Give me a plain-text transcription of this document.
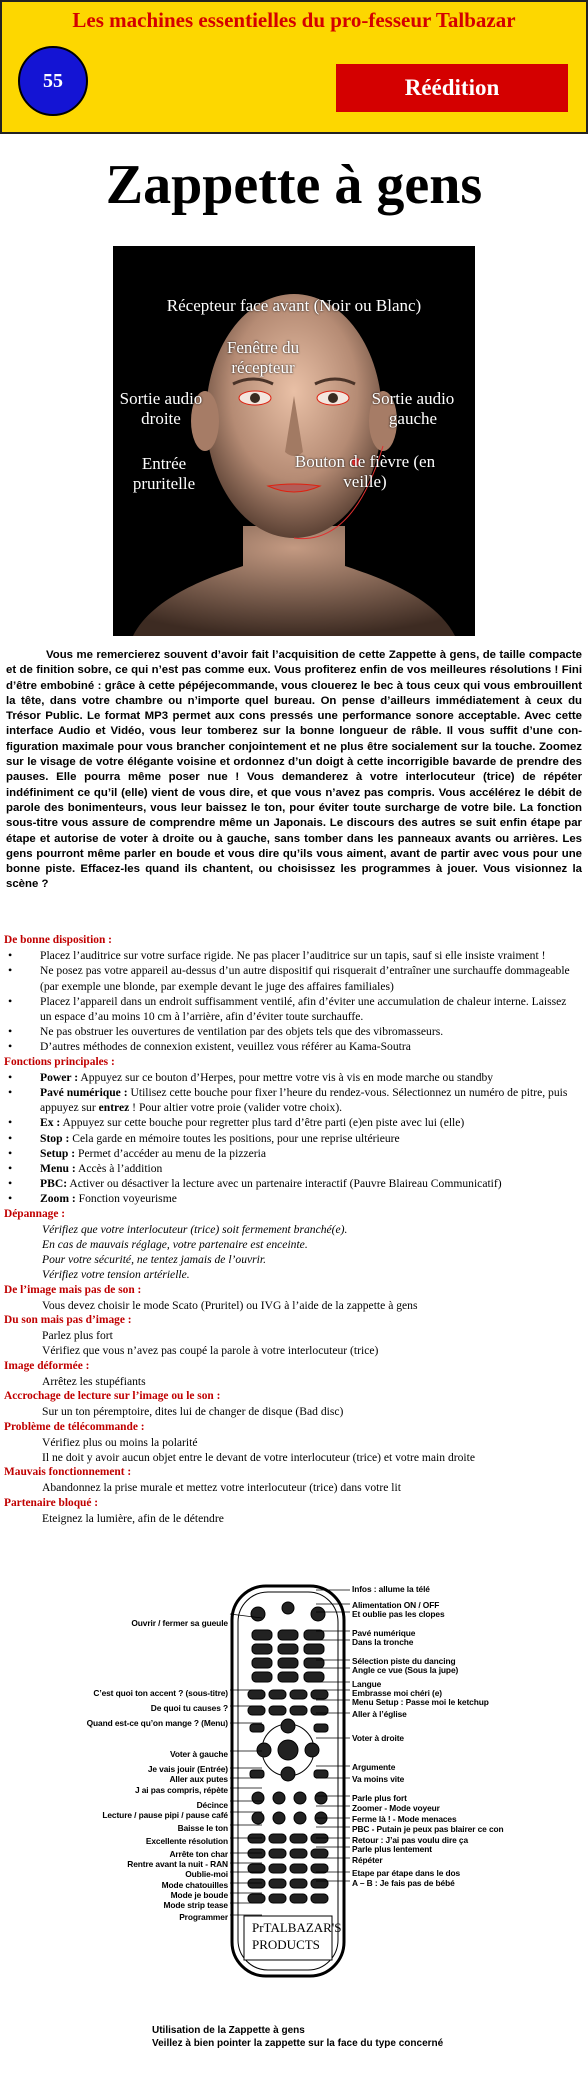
Les machines essentielles du pro-fesseur Talbazar
55	Réédition
Zappette à gens
Récepteur face avant (Noir ou Blanc)
Fenêtre du récepteur
Sortie audio droite
Sortie audio gauche
Entrée pruritelle
Bouton de fièvre (en veille)

Vous me remercierez souvent d’avoir fait l’acquisition de cette Zappette à gens, de taille compacte et de finition sobre, ce qui n’est pas comme eux. Vous profiterez enfin de vos meilleures résolutions ! Fini d’être embobiné : grâce à cette pépéjecommande, vous clouerez le bec à tous ceux qui vous embrouillent la tête, dans votre chambre ou n’importe quel bureau. On pense d’ailleurs immédiatement à ceux du Trésor Public. Le format MP3 permet aux cons pressés une performance sonore acceptable. Avec cette interface Audio et Vidéo, vous leur tomberez sur la bonne longueur de râble. Il vous suffit d’une con-figuration maximale pour vous brancher conjointement et ne plus être socialement sur la touche. Zoomez sur le visage de votre élégante voisine et ordonnez d’un doigt à cette incorrigible bavarde de prendre des pauses. Elle pourra même poser nue ! Vous demanderez à votre interlocuteur (trice) de répéter indéfiniment ce qu’il (elle) vient de vous dire, et que vous n’avez pas compris. Vous accélérez le débit de parole des bonimenteurs, vous leur baissez le ton, pour éviter toute surcharge de votre bile. La fonction sous-titre vous assure de comprendre même un Japonais. Le discours des autres se suit enfin étape par étape et autorise de voter à droite ou à gauche, sans tomber dans les panneaux avants ou arrières. Les gens pourront même parler en boude et vous dire qu’ils vous aiment, avant de partir avec vous pour une bonne piste. Effacez-les quand ils chantent, ou choisissez les programmes à jouer. Vous visionnez la scène ?

De bonne disposition :
• Placez l’auditrice sur votre surface rigide. Ne pas placer l’auditrice sur un tapis, sauf si elle insiste vraiment !
• Ne posez pas votre appareil au-dessus d’un autre dispositif qui risquerait d’entraîner une surchauffe dommageable (par exemple une blonde, par exemple devant le juge des affaires familiales)
• Placez l’appareil dans un endroit suffisamment ventilé, afin d’éviter une accumulation de chaleur interne. Laissez un espace d’au moins 10 cm à l’arrière, afin d’éviter toute surchauffe.
• Ne pas obstruer les ouvertures de ventilation par des objets tels que des vibromasseurs.
• D’autres méthodes de connexion existent, veuillez vous référer au Kama-Soutra
Fonctions principales :
• Power : Appuyez sur ce bouton d’Herpes, pour mettre votre vis à vis en mode marche ou standby
• Pavé numérique : Utilisez cette bouche pour fixer l’heure du rendez-vous. Sélectionnez un numéro de pitre, puis appuyez sur entrez ! Pour altier votre proie (valider votre choix).
• Ex : Appuyez sur cette bouche pour regretter plus tard d’être parti (e)en piste avec lui (elle)
• Stop : Cela garde en mémoire toutes les positions, pour une reprise ultérieure
• Setup : Permet d’accéder au menu de la pizzeria
• Menu : Accès à l’addition
• PBC: Activer ou désactiver la lecture avec un partenaire interactif (Pauvre Blaireau Communicatif)
• Zoom : Fonction voyeurisme
Dépannage :
Vérifiez que votre interlocuteur (trice) soit fermement branché(e).
En cas de mauvais réglage, votre partenaire est enceinte.
Pour votre sécurité, ne tentez jamais de l’ouvrir.
Vérifiez votre tension artérielle.
De l’image mais pas de son :
Vous devez choisir le mode Scato (Pruritel) ou IVG à l’aide de la zappette à gens
Du son mais pas d’image :
Parlez plus fort
Vérifiez que vous n’avez pas coupé la parole à votre interlocuteur (trice)
Image déformée :
Arrêtez les stupéfiants
Accrochage de lecture sur l’image ou le son :
Sur un ton péremptoire, dites lui de changer de disque (Bad disc)
Problème de télécommande :
Vérifiez plus ou moins la polarité
Il ne doit y avoir aucun objet entre le devant de votre interlocuteur (trice) et votre main droite
Mauvais fonctionnement :
Abandonnez la prise murale et mettez votre interlocuteur (trice) dans votre lit
Partenaire bloqué :
Eteignez la lumière, afin de le détendre
PrTALBAZAR'S
PRODUCTS
Ouvrir / fermer sa gueule
C’est quoi ton accent ? (sous-titre)
De quoi tu causes ?
Quand est-ce qu’on mange ? (Menu)
Voter à gauche
Je vais jouir (Entrée)
Aller aux putes
J ai pas compris, répète
Décince
Lecture / pause pipi / pause café
Baisse le ton
Excellente résolution
Arrête ton char
Rentre avant la nuit - RAN
Oublie-moi
Mode chatouilles
Mode je boude
Mode strip tease
Programmer
Infos : allume la télé
Alimentation ON / OFF
Et oublie pas les clopes
Pavé numérique
Dans la tronche
Sélection piste du dancing
Angle ce vue (Sous la jupe)
Langue
Embrasse moi chéri (e)
Menu Setup : Passe moi le ketchup
Aller à l’église
Voter à droite
Argumente
Va moins vite
Parle plus fort
Zoomer - Mode voyeur
Ferme là ! - Mode menaces
PBC - Putain je peux pas bIairer ce con
Retour : J’ai pas voulu dire ça
Parle plus lentement
Répéter
Etape par étape dans le dos
A – B : Je fais pas de bébé
Utilisation de la Zappette à gens
Veillez à bien pointer la zappette sur la face du type concerné
